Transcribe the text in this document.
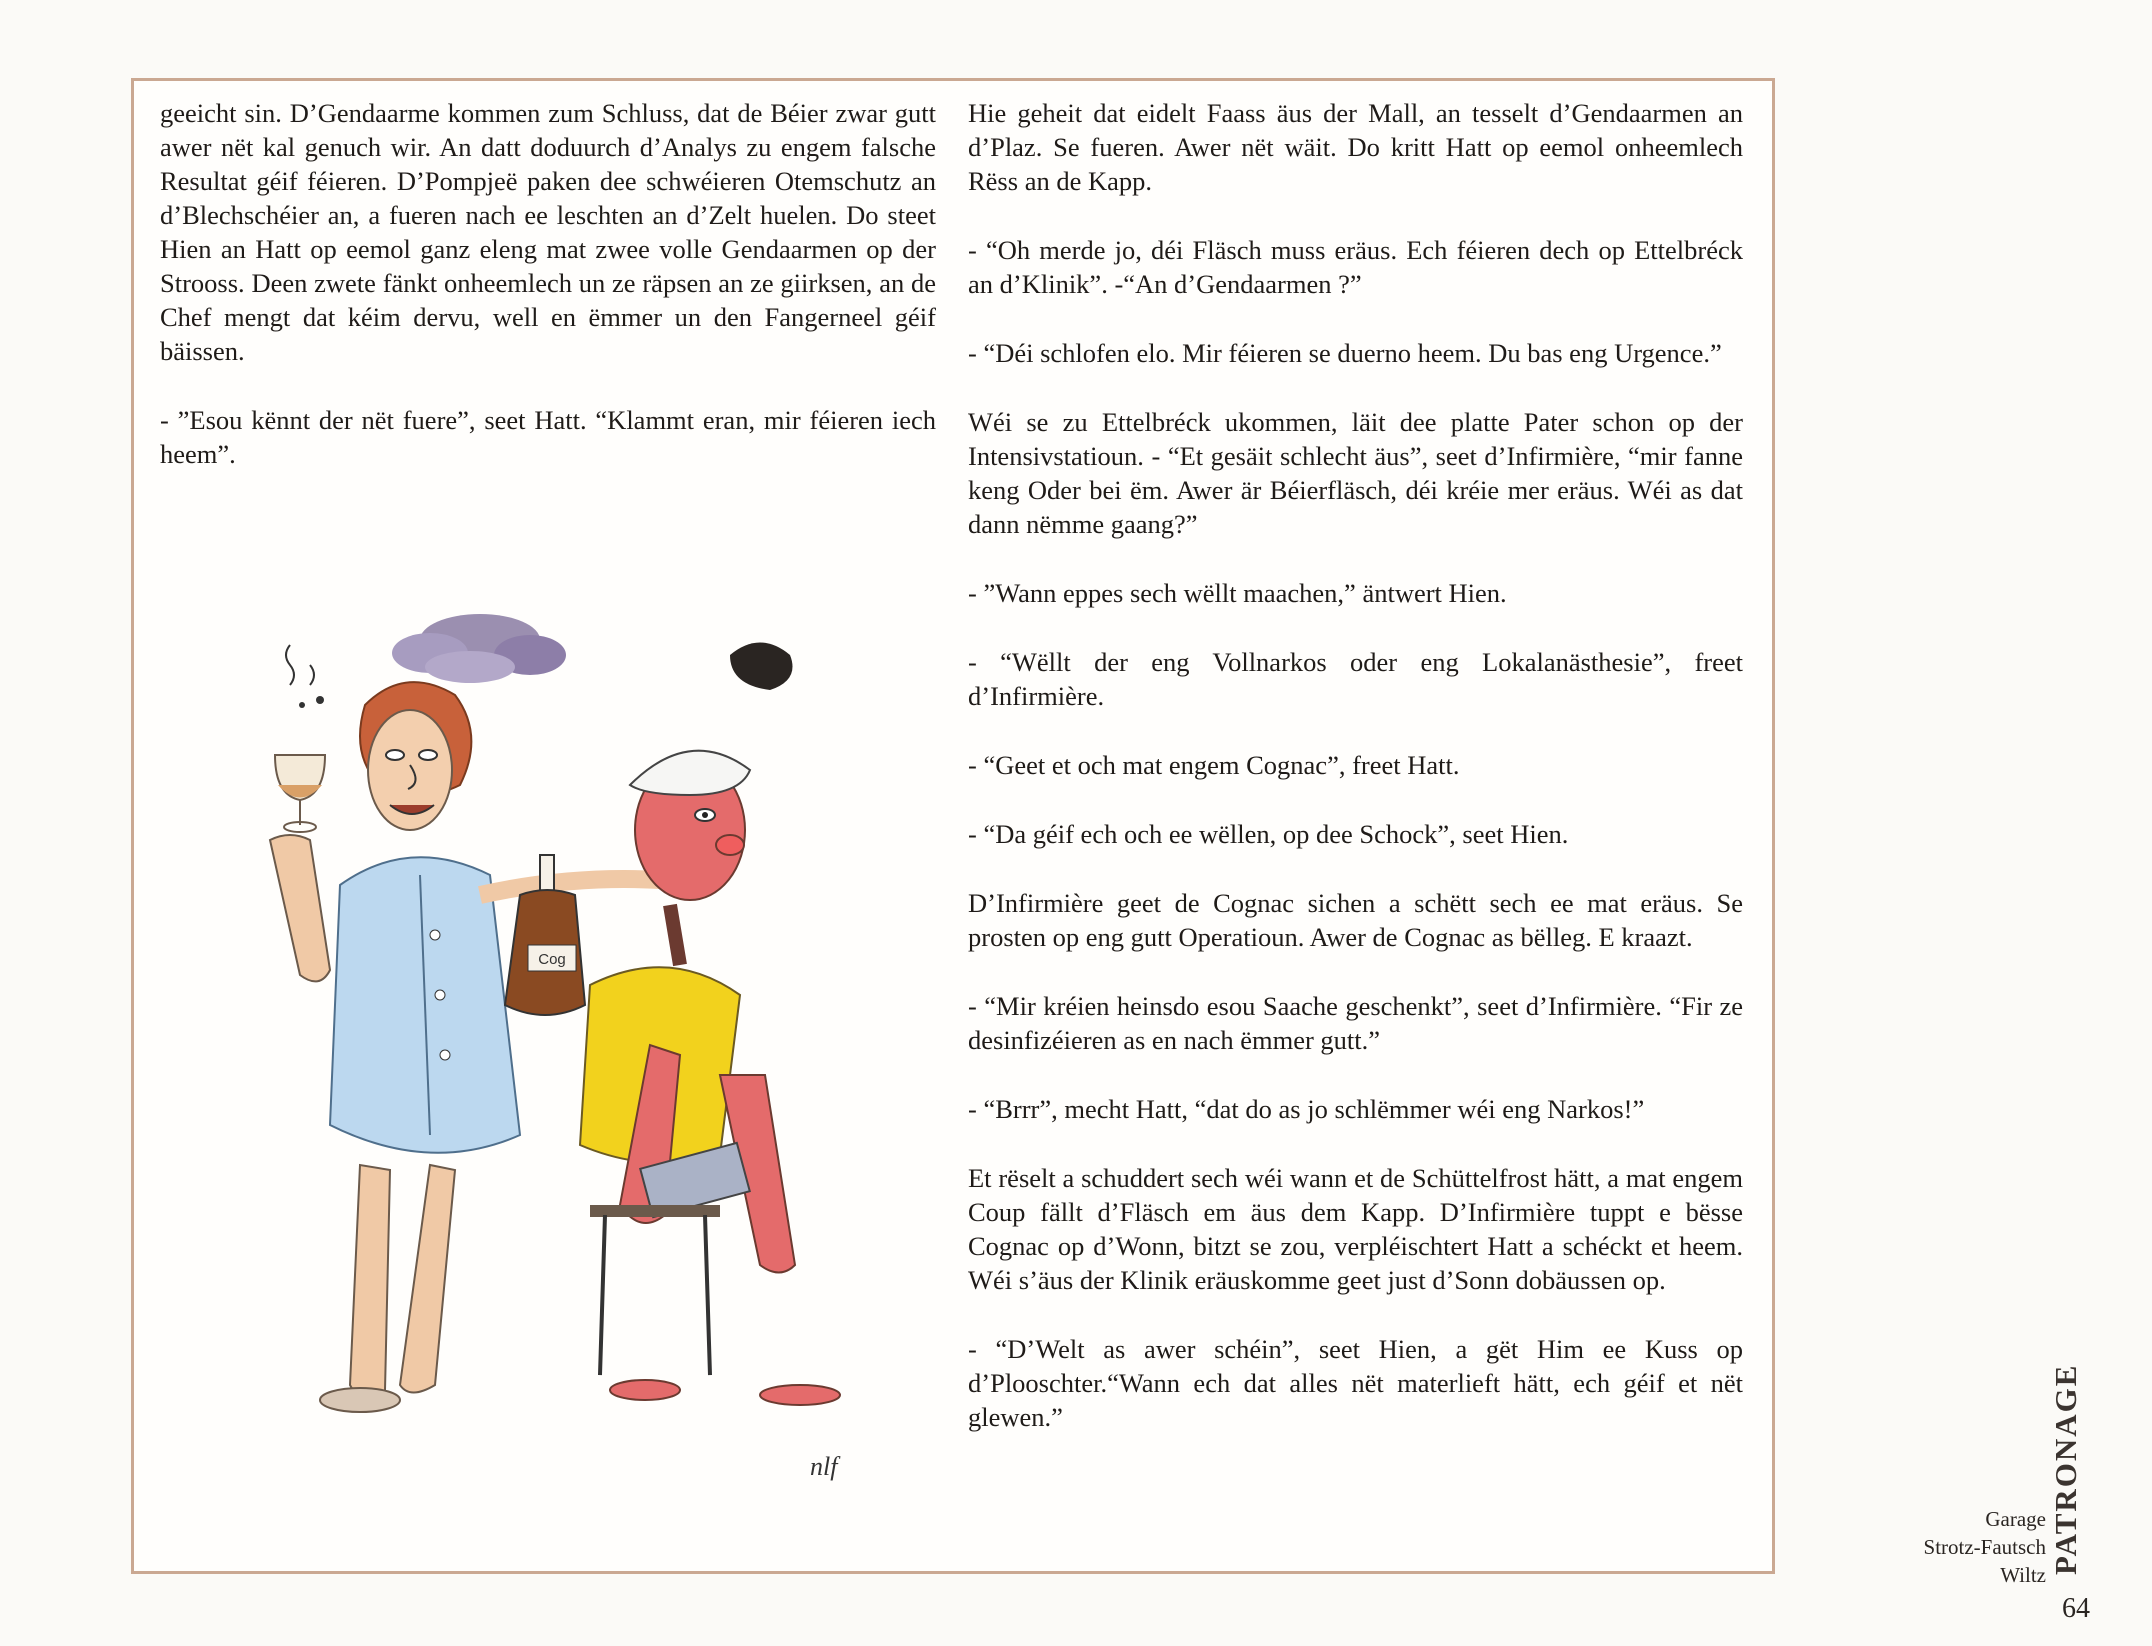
geeicht sin. D’Gendaarme kommen zum Schluss, dat de Béier zwar gutt awer nët kal genuch wir. An datt doduurch d’Analys zu engem falsche Resultat géif féieren. D’Pompjeë paken dee schwéieren Otemschutz an d’Blechschéier an, a fueren nach ee leschten an d’Zelt huelen. Do steet Hien an Hatt op eemol ganz eleng mat zwee volle Gendaarmen op der Strooss. Deen zwete fänkt onheemlech un ze räpsen an ze giirksen, an de Chef mengt dat kéim dervu, well en ëmmer un den Fangerneel géif bäissen.

- ”Esou kënnt der nët fuere”, seet Hatt. “Klammt eran, mir féieren iech heem”.

Cog
nlf

Hie geheit dat eidelt Faass äus der Mall, an tesselt d’Gendaarmen an d’Plaz. Se fueren. Awer nët wäit. Do kritt Hatt op eemol onheemlech Rëss an de Kapp.

- “Oh merde jo, déi Fläsch muss eräus. Ech féieren dech op Ettelbréck an d’Klinik”. -“An d’Gendaarmen ?”

- “Déi schlofen elo. Mir féieren se duerno heem. Du bas eng Urgence.”

Wéi se zu Ettelbréck ukommen, läit dee platte Pater schon op der Intensivstatioun. - “Et gesäit schlecht äus”, seet d’Infirmière, “mir fanne keng Oder bei ëm. Awer är Béierfläsch, déi kréie mer eräus. Wéi as dat dann nëmme gaang?”

- ”Wann eppes sech wëllt maachen,” äntwert Hien.

- “Wëllt der eng Vollnarkos oder eng Lokalanästhesie”, freet d’Infirmière.

- “Geet et och mat engem Cognac”, freet Hatt.

- “Da géif ech och ee wëllen, op dee Schock”, seet Hien.

D’Infirmière geet de Cognac sichen a schëtt sech ee mat eräus. Se prosten op eng gutt Operatioun. Awer de Cognac as bëlleg. E kraazt.

- “Mir kréien heinsdo esou Saache geschenkt”, seet d’Infirmière. “Fir ze desinfizéieren as en nach ëmmer gutt.”

- “Brrr”, mecht Hatt, “dat do as jo schlëmmer wéi eng Narkos!”

Et rëselt a schuddert sech wéi wann et de Schüttelfrost hätt, a mat engem Coup fällt d’Fläsch em äus dem Kapp. D’Infirmière tuppt e bësse Cognac op d’Wonn, bitzt se zou, verpléischtert Hatt a schéckt et heem. Wéi s’äus der Klinik eräuskomme geet just d’Sonn dobäussen op.

- “D’Welt as awer schéin”, seet Hien, a gët Him ee Kuss op d’Plooschter.“Wann ech dat alles nët materlieft hätt, ech géif et nët glewen.”

Garage
Strotz-Fautsch
Wiltz PATRONAGE
64
